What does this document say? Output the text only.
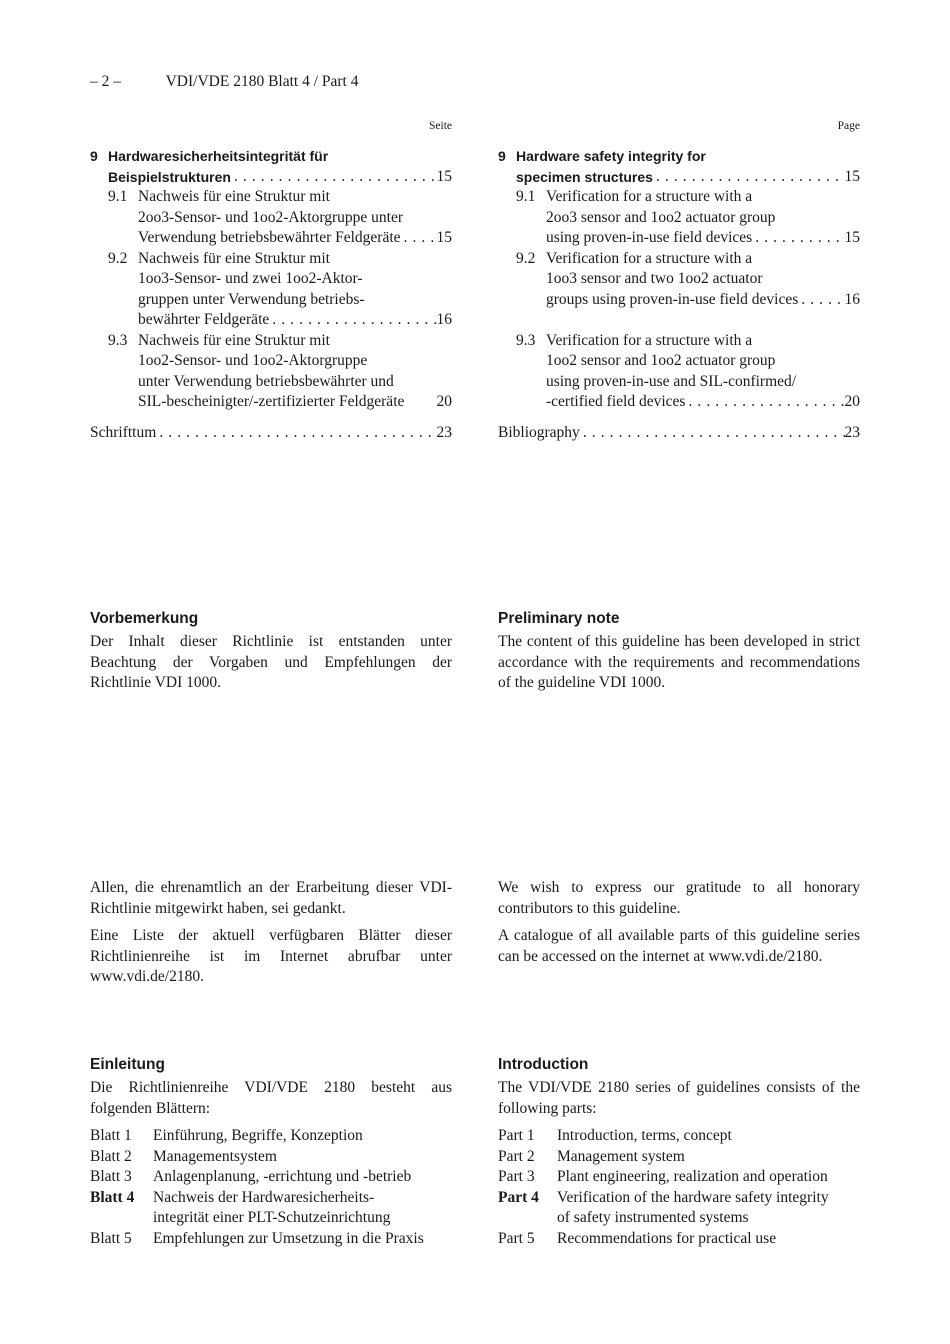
– 2 –	VDI/VDE 2180 Blatt 4 / Part 4
Seite
9 Hardwaresicherheitsintegrität für
Beispielstrukturen . . .	15
9.1 Nachweis für eine Struktur mit
2oo3-Sensor- und 1oo2-Aktorgruppe unter
Verwendung betriebsbewährter Feldgeräte . . . 15
9.2 Nachweis für eine Struktur mit
1oo3-Sensor- und zwei 1oo2-Aktor-
gruppen unter Verwendung betriebs-
bewährter Feldgeräte . . .	16
9.3 Nachweis für eine Struktur mit
1oo2-Sensor- und 1oo2-Aktorgruppe
unter Verwendung betriebsbewährter und
SIL-bescheinigter/-zertifizierter Feldgeräte 20
Schrifttum . . .	23
Page
9 Hardware safety integrity for
specimen structures . . .	15
9.1 Verification for a structure with a
2oo3 sensor and 1oo2 actuator group
using proven-in-use field devices . . .	15
9.2 Verification for a structure with a
1oo3 sensor and two 1oo2 actuator
groups using proven-in-use field devices . . .	16
9.3 Verification for a structure with a
1oo2 sensor and 1oo2 actuator group
using proven-in-use and SIL-confirmed/
-certified field devices . . .	20
Bibliography . . .	23
Vorbemerkung

Der Inhalt dieser Richtlinie ist entstanden unter Beachtung der Vorgaben und Empfehlungen der Richtlinie VDI 1000.

Preliminary note

The content of this guideline has been developed in strict accordance with the requirements and recommendations of the guideline VDI 1000.

Allen, die ehrenamtlich an der Erarbeitung dieser VDI-Richtlinie mitgewirkt haben, sei gedankt.

Eine Liste der aktuell verfügbaren Blätter dieser Richtlinienreihe ist im Internet abrufbar unter www.vdi.de/2180.

We wish to express our gratitude to all honorary contributors to this guideline.

A catalogue of all available parts of this guideline series can be accessed on the internet at www.vdi.de/2180.

Einleitung

Die Richtlinienreihe VDI/VDE 2180 besteht aus folgenden Blättern:

Blatt 1	Einführung, Begriffe, Konzeption
Blatt 2	Managementsystem
Blatt 3	Anlagenplanung, -errichtung und -betrieb
Blatt 4	Nachweis der Hardwaresicherheits-
integrität einer PLT-Schutzeinrichtung
Blatt 5	Empfehlungen zur Umsetzung in die Praxis
Introduction

The VDI/VDE 2180 series of guidelines consists of the following parts:

Part 1	Introduction, terms, concept
Part 2	Management system
Part 3	Plant engineering, realization and operation
Part 4	Verification of the hardware safety integrity
of safety instrumented systems
Part 5	Recommendations for practical use
